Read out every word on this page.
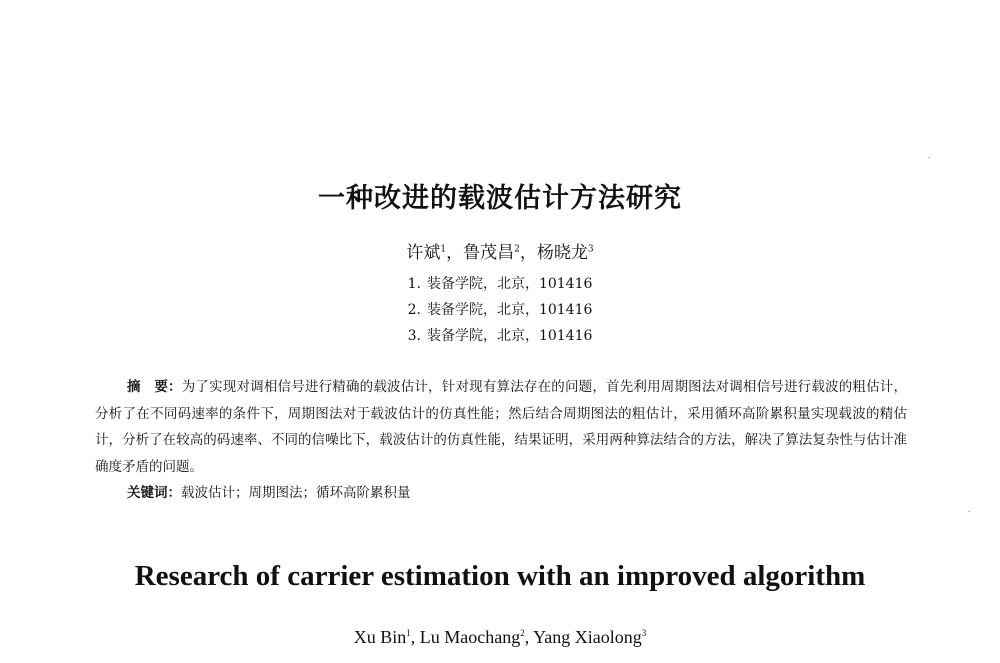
一种改进的载波估计方法研究
许斌$^1$，鲁茂昌$^2$，杨晓龙$^3$
1. 装备学院，北京，101416
2. 装备学院，北京，101416
3. 装备学院，北京，101416
摘　要：为了实现对调相信号进行精确的载波估计，针对现有算法存在的问题，首先利用周期图法对调相信号进行载波的粗估计，分析了在不同码速率的条件下，周期图法对于载波估计的仿真性能；然后结合周期图法的粗估计，采用循环高阶累积量实现载波的精估计，分析了在较高的码速率、不同的信噪比下，载波估计的仿真性能，结果证明，采用两种算法结合的方法，解决了算法复杂性与估计准确度矛盾的问题。
关键词：载波估计；周期图法；循环高阶累积量
Research of carrier estimation with an improved algorithm
Xu Bin$^1$, Lu Maochang$^2$, Yang Xiaolong$^3$
